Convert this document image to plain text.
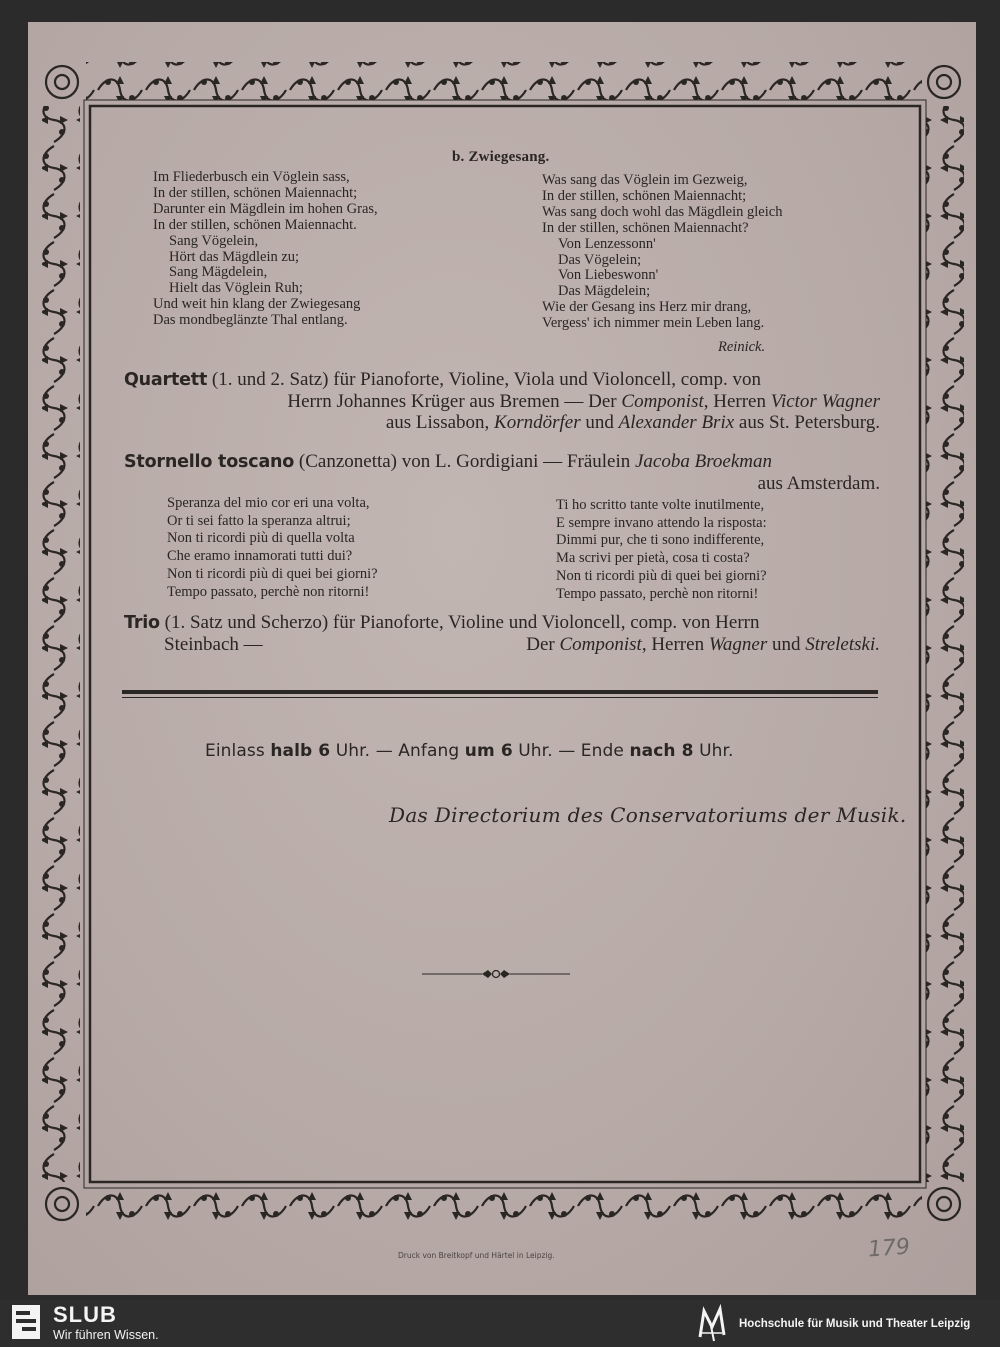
b. Zwiegesang.
Im Fliederbusch ein Vöglein sass,
In der stillen, schönen Maiennacht;
Darunter ein Mägdlein im hohen Gras,
In der stillen, schönen Maiennacht.
Sang Vögelein,
Hört das Mägdlein zu;
Sang Mägdelein,
Hielt das Vöglein Ruh;
Und weit hin klang der Zwiegesang
Das mondbeglänzte Thal entlang.
Was sang das Vöglein im Gezweig,
In der stillen, schönen Maiennacht;
Was sang doch wohl das Mägdlein gleich
In der stillen, schönen Maiennacht?
Von Lenzessonn'
Das Vögelein;
Von Liebeswonn'
Das Mägdelein;
Wie der Gesang ins Herz mir drang,
Vergess' ich nimmer mein Leben lang.
Reinick.
Quartett (1. und 2. Satz) für Pianoforte, Violine, Viola und Violoncell, comp. von
Herrn Johannes Krüger aus Bremen — Der Componist, Herren Victor Wagner
aus Lissabon, Korndörfer und Alexander Brix aus St. Petersburg.
Stornello toscano (Canzonetta) von L. Gordigiani — Fräulein Jacoba Broekman
aus Amsterdam.
Speranza del mio cor eri una volta,
Or ti sei fatto la speranza altrui;
Non ti ricordi più di quella volta
Che eramo innamorati tutti dui?
Non ti ricordi più di quei bei giorni?
Tempo passato, perchè non ritorni!
Ti ho scritto tante volte inutilmente,
E sempre invano attendo la risposta:
Dimmi pur, che ti sono indifferente,
Ma scrivi per pietà, cosa ti costa?
Non ti ricordi più di quei bei giorni?
Tempo passato, perchè non ritorni!
Trio (1. Satz und Scherzo) für Pianoforte, Violine und Violoncell, comp. von Herrn
Steinbach —	Der Componist, Herren Wagner und Streletski.
Einlass halb 6 Uhr. — Anfang um 6 Uhr. — Ende nach 8 Uhr.
Das Directorium des Conservatoriums der Musik.
Druck von Breitkopf und Härtel in Leipzig.	179
SLUB
Wir führen Wissen.
Hochschule für Musik und Theater Leipzig
